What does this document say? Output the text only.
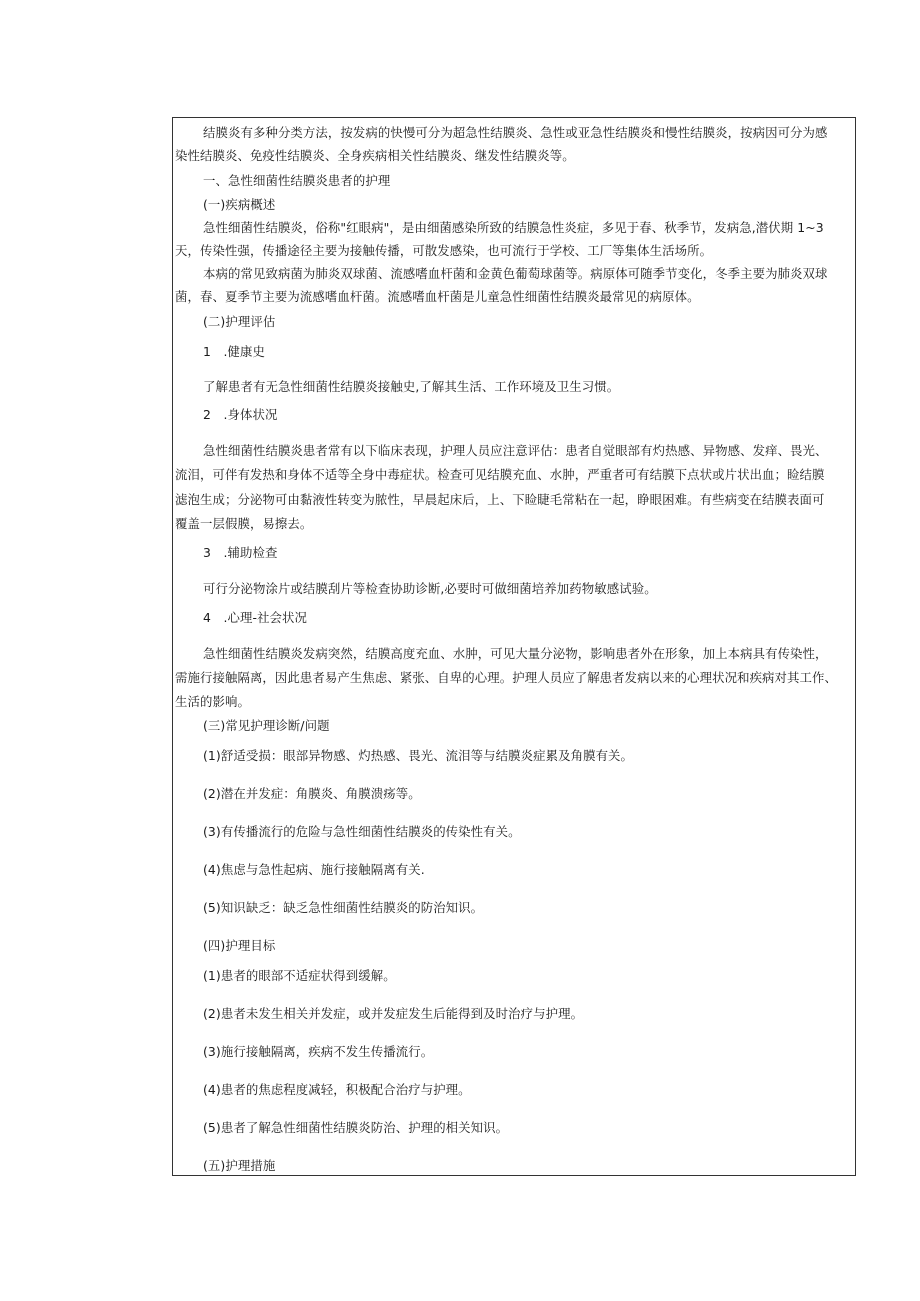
结膜炎有多种分类方法，按发病的快慢可分为超急性结膜炎、急性或亚急性结膜炎和慢性结膜炎，按病因可分为感
染性结膜炎、免疫性结膜炎、全身疾病相关性结膜炎、继发性结膜炎等。
一、急性细菌性结膜炎患者的护理
(一)疾病概述
急性细菌性结膜炎，俗称"红眼病"，是由细菌感染所致的结膜急性炎症，多见于春、秋季节，发病急,潜伏期 1~3
天，传染性强，传播途径主要为接触传播，可散发感染，也可流行于学校、工厂等集体生活场所。
本病的常见致病菌为肺炎双球菌、流感嗜血杆菌和金黄色葡萄球菌等。病原体可随季节变化，冬季主要为肺炎双球
菌，春、夏季节主要为流感嗜血杆菌。流感嗜血杆菌是儿童急性细菌性结膜炎最常见的病原体。
(二)护理评估
1　.健康史
了解患者有无急性细菌性结膜炎接触史,了解其生活、工作环境及卫生习惯。
2　.身体状况
急性细菌性结膜炎患者常有以下临床表现，护理人员应注意评估：患者自觉眼部有灼热感、异物感、发痒、畏光、
流泪，可伴有发热和身体不适等全身中毒症状。检查可见结膜充血、水肿，严重者可有结膜下点状或片状出血；睑结膜
滤泡生成；分泌物可由黏液性转变为脓性，早晨起床后，上、下睑睫毛常粘在一起，睁眼困难。有些病变在结膜表面可
覆盖一层假膜，易擦去。
3　.辅助检查
可行分泌物涂片或结膜刮片等检查协助诊断,必要时可做细菌培养加药物敏感试验。
4　.心理-社会状况
急性细菌性结膜炎发病突然，结膜高度充血、水肿，可见大量分泌物，影响患者外在形象，加上本病具有传染性，
需施行接触隔离，因此患者易产生焦虑、紧张、自卑的心理。护理人员应了解患者发病以来的心理状况和疾病对其工作、
生活的影响。
(三)常见护理诊断/问题
(1)舒适受损：眼部异物感、灼热感、畏光、流泪等与结膜炎症累及角膜有关。
(2)潜在并发症：角膜炎、角膜溃疡等。
(3)有传播流行的危险与急性细菌性结膜炎的传染性有关。
(4)焦虑与急性起病、施行接触隔离有关.
(5)知识缺乏：缺乏急性细菌性结膜炎的防治知识。
(四)护理目标
(1)患者的眼部不适症状得到缓解。
(2)患者未发生相关并发症，或并发症发生后能得到及时治疗与护理。
(3)施行接触隔离，疾病不发生传播流行。
(4)患者的焦虑程度减轻，积极配合治疗与护理。
(5)患者了解急性细菌性结膜炎防治、护理的相关知识。
(五)护理措施
